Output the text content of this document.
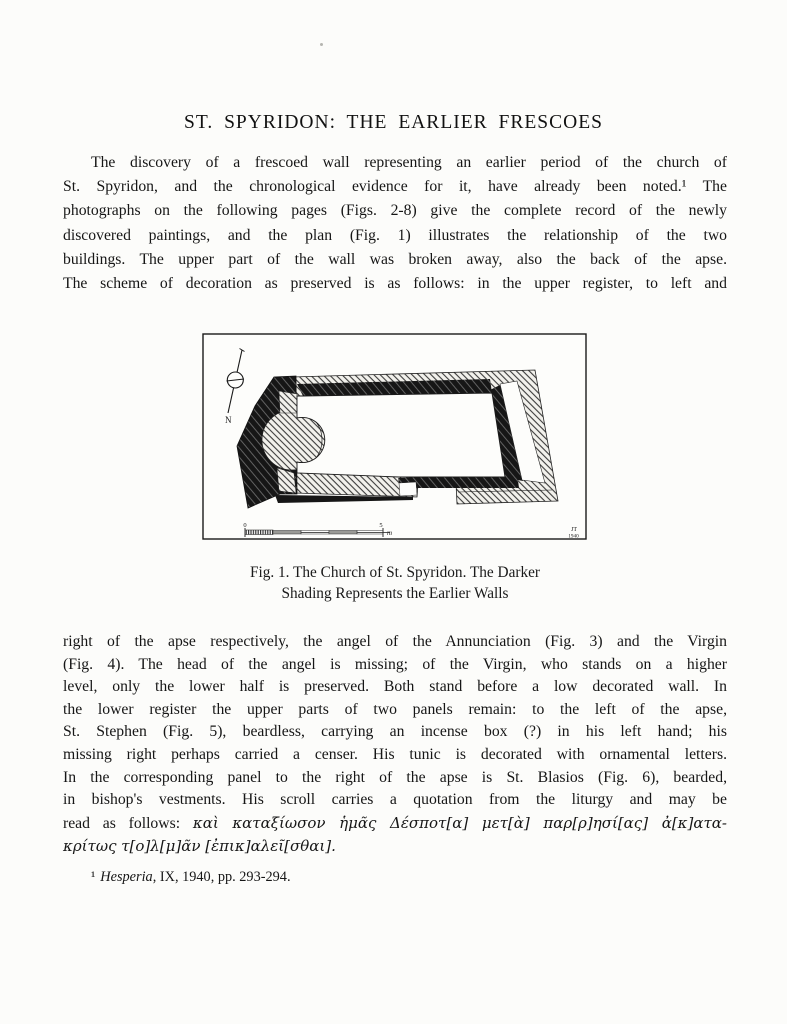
ST. SPYRIDON: THE EARLIER FRESCOES
The discovery of a frescoed wall representing an earlier period of the church of
St. Spyridon, and the chronological evidence for it, have already been noted.¹ The
photographs on the following pages (Figs. 2-8) give the complete record of the newly
discovered paintings, and the plan (Fig. 1) illustrates the relationship of the two
buildings. The upper part of the wall was broken away, also the back of the apse.
The scheme of decoration as preserved is as follows: in the upper register, to left and
N
0	5
m	JT
1940
Fig. 1. The Church of St. Spyridon. The Darker
Shading Represents the Earlier Walls
right of the apse respectively, the angel of the Annunciation (Fig. 3) and the Virgin
(Fig. 4). The head of the angel is missing; of the Virgin, who stands on a higher
level, only the lower half is preserved. Both stand before a low decorated wall. In
the lower register the upper parts of two panels remain: to the left of the apse,
St. Stephen (Fig. 5), beardless, carrying an incense box (?) in his left hand; his
missing right perhaps carried a censer. His tunic is decorated with ornamental letters.
In the corresponding panel to the right of the apse is St. Blasios (Fig. 6), bearded,
in bishop's vestments. His scroll carries a quotation from the liturgy and may be
read as follows: καὶ καταξίωσον ἡμᾶς Δέσποτ[α] μετ[ὰ] παρ[ρ]ησί[ας] ἀ[κ]ατα-
κρίτως τ[ο]λ[μ]ᾶν [ἐπικ]αλεῖ[σθαι].
¹ Hesperia, IX, 1940, pp. 293-294.
